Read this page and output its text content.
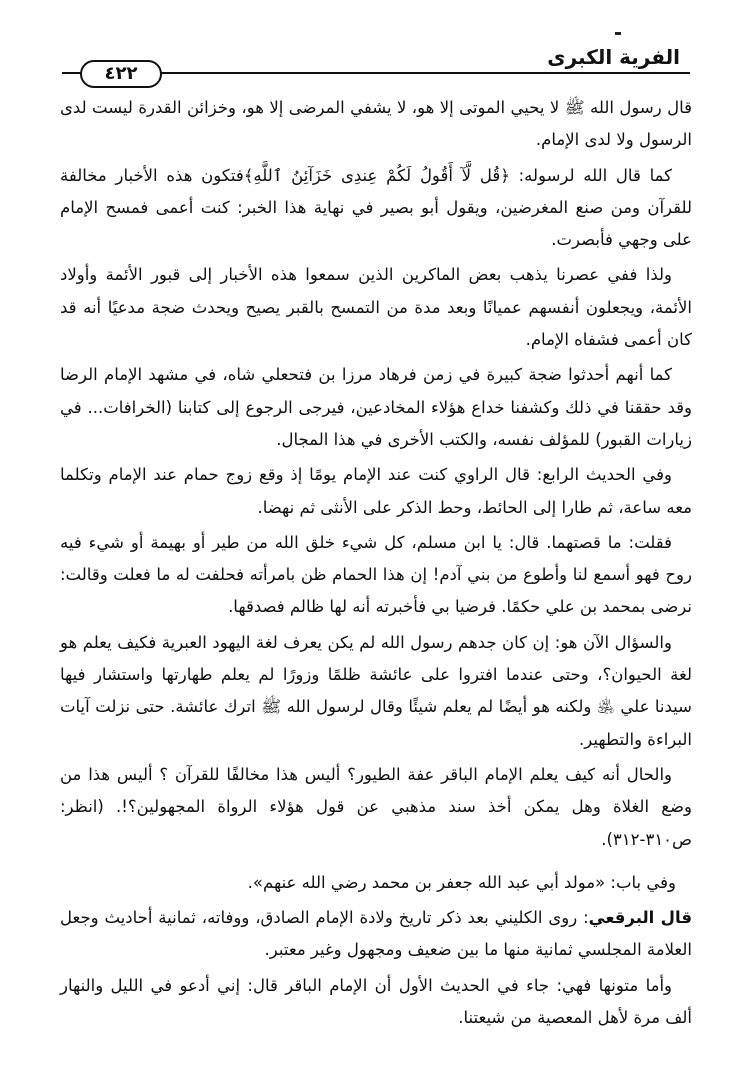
الفرية الكبرى
٤٢٢

قال رسول الله ﷺ لا يحيي الموتى إلا هو، لا يشفي المرضى إلا هو، وخزائن القدرة ليست لدى الرسول ولا لدى الإمام.

كما قال الله لرسوله: ﴿قُل لَّآ أَقُولُ لَكُمْ عِندِى خَزَآئِنُ ٱللَّهِ﴾فتكون هذه الأخبار مخالفة للقرآن ومن صنع المغرضين، ويقول أبو بصير في نهاية هذا الخبر: كنت أعمى فمسح الإمام على وجهي فأبصرت.

ولذا ففي عصرنا يذهب بعض الماكرين الذين سمعوا هذه الأخبار إلى قبور الأئمة وأولاد الأئمة، ويجعلون أنفسهم عميانًا وبعد مدة من التمسح بالقبر يصيح ويحدث ضجة مدعيًا أنه قد كان أعمى فشفاه الإمام.

كما أنهم أحدثوا ضجة كبيرة في زمن فرهاد مرزا بن فتحعلي شاه، في مشهد الإمام الرضا وقد حققنا في ذلك وكشفنا خداع هؤلاء المخادعين، فيرجى الرجوع إلى كتابنا (الخرافات... في زيارات القبور) للمؤلف نفسه، والكتب الأخرى في هذا المجال.

وفي الحديث الرابع: قال الراوي كنت عند الإمام يومًا إذ وقع زوج حمام عند الإمام وتكلما معه ساعة، ثم طارا إلى الحائط، وحط الذكر على الأنثى ثم نهضا.

فقلت: ما قصتهما. قال: يا ابن مسلم، كل شيء خلق الله من طير أو بهيمة أو شيء فيه روح فهو أسمع لنا وأطوع من بني آدم! إن هذا الحمام ظن بامرأته فحلفت له ما فعلت وقالت: نرضى بمحمد بن علي حكمًا. فرضيا بي فأخبرته أنه لها ظالم فصدقها.

والسؤال الآن هو: إن كان جدهم رسول الله لم يكن يعرف لغة اليهود العبرية فكيف يعلم هو لغة الحيوان؟، وحتى عندما افتروا على عائشة ظلمًا وزورًا لم يعلم طهارتها واستشار فيها سيدنا علي ﵁ ولكنه هو أيضًا لم يعلم شيئًا وقال لرسول الله ﷺ اترك عائشة. حتى نزلت آيات البراءة والتطهير.

والحال أنه كيف يعلم الإمام الباقر عفة الطيور؟ أليس هذا مخالفًا للقرآن ؟ أليس هذا من وضع الغلاة وهل يمكن أخذ سند مذهبي عن قول هؤلاء الرواة المجهولين؟!. (انظر: ص٣١٠-٣١٢).

وفي باب: «مولد أبي عبد الله جعفر بن محمد رضي الله عنهم».

قال البرقعي: روى الكليني بعد ذكر تاريخ ولادة الإمام الصادق، ووفاته، ثمانية أحاديث وجعل العلامة المجلسي ثمانية منها ما بين ضعيف ومجهول وغير معتبر.

وأما متونها فهي: جاء في الحديث الأول أن الإمام الباقر قال: إني أدعو في الليل والنهار ألف مرة لأهل المعصية من شيعتنا.
